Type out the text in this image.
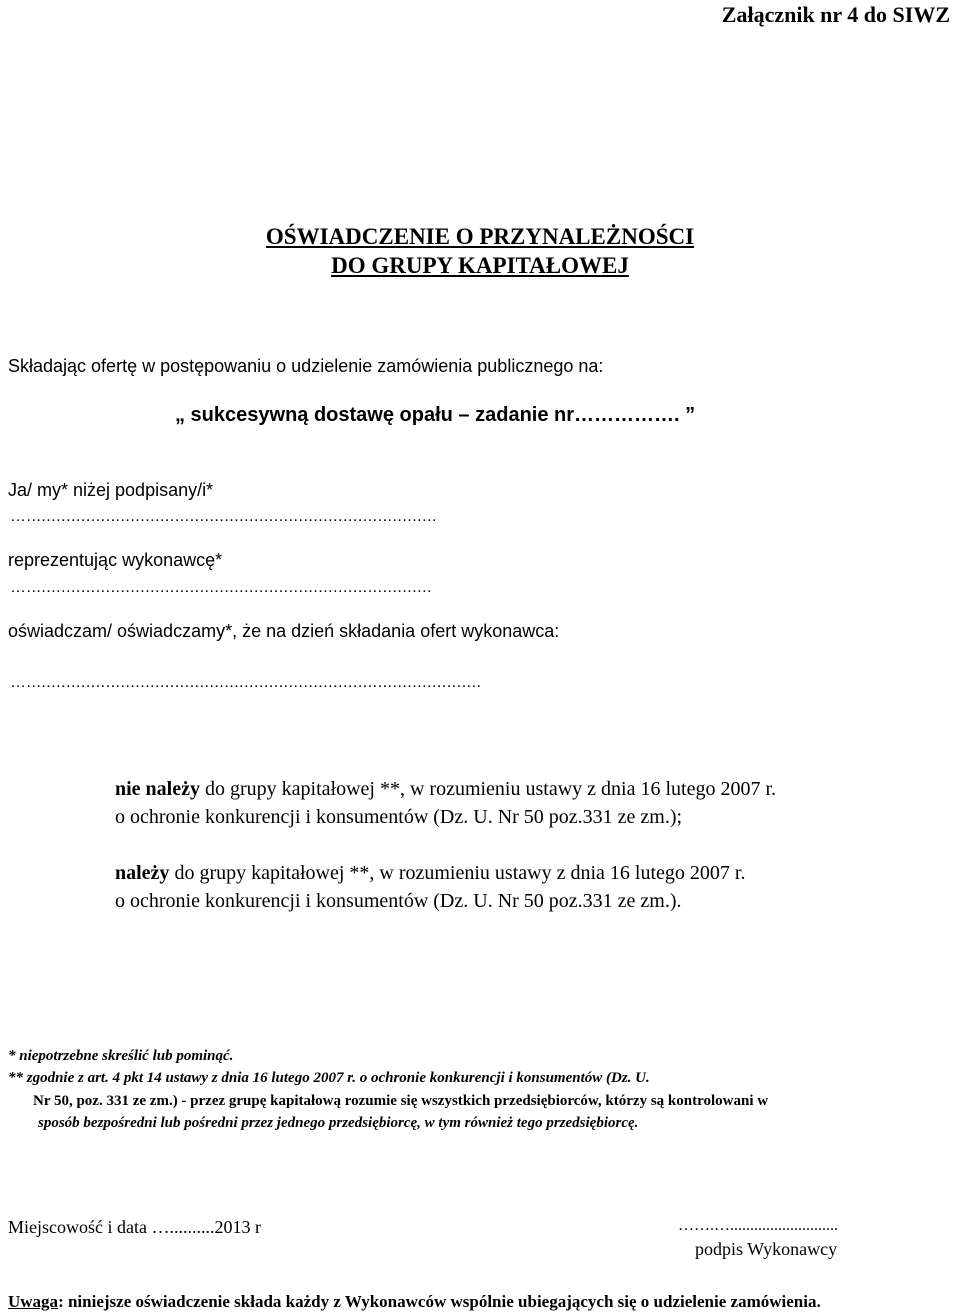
Załącznik nr 4 do SIWZ
OŚWIADCZENIE O PRZYNALEŻNOŚCI
DO GRUPY KAPITAŁOWEJ
Składając ofertę w postępowaniu o udzielenie zamówienia publicznego na:
„ sukcesywną dostawę opału – zadanie nr……………. ”
Ja/ my* niżej podpisany/i*
…...................................................................................
reprezentując wykonawcę*
…..................................................................................
oświadczam/ oświadczamy*, że na dzień składania ofert wykonawca:
…............................................................................................
nie należy do grupy kapitałowej **, w rozumieniu ustawy z dnia 16 lutego 2007 r.
o ochronie konkurencji i konsumentów (Dz. U. Nr 50 poz.331 ze zm.);
należy do grupy kapitałowej **, w rozumieniu ustawy z dnia 16 lutego 2007 r.
o ochronie konkurencji i konsumentów (Dz. U. Nr 50 poz.331 ze zm.).
* niepotrzebne skreślić lub pominąć.
** zgodnie z art. 4 pkt 14 ustawy z dnia 16 lutego 2007 r. o ochronie konkurencji i konsumentów (Dz. U.
Nr 50, poz. 331 ze zm.) - przez grupę kapitałową rozumie się wszystkich przedsiębiorców, którzy są kontrolowani w
sposób bezpośredni lub pośredni przez jednego przedsiębiorcę, w tym również tego przedsiębiorcę.
Miejscowość i data …..........2013 r	…….…...........................
podpis Wykonawcy
Uwaga: niniejsze oświadczenie składa każdy z Wykonawców wspólnie ubiegających się o udzielenie zamówienia.
